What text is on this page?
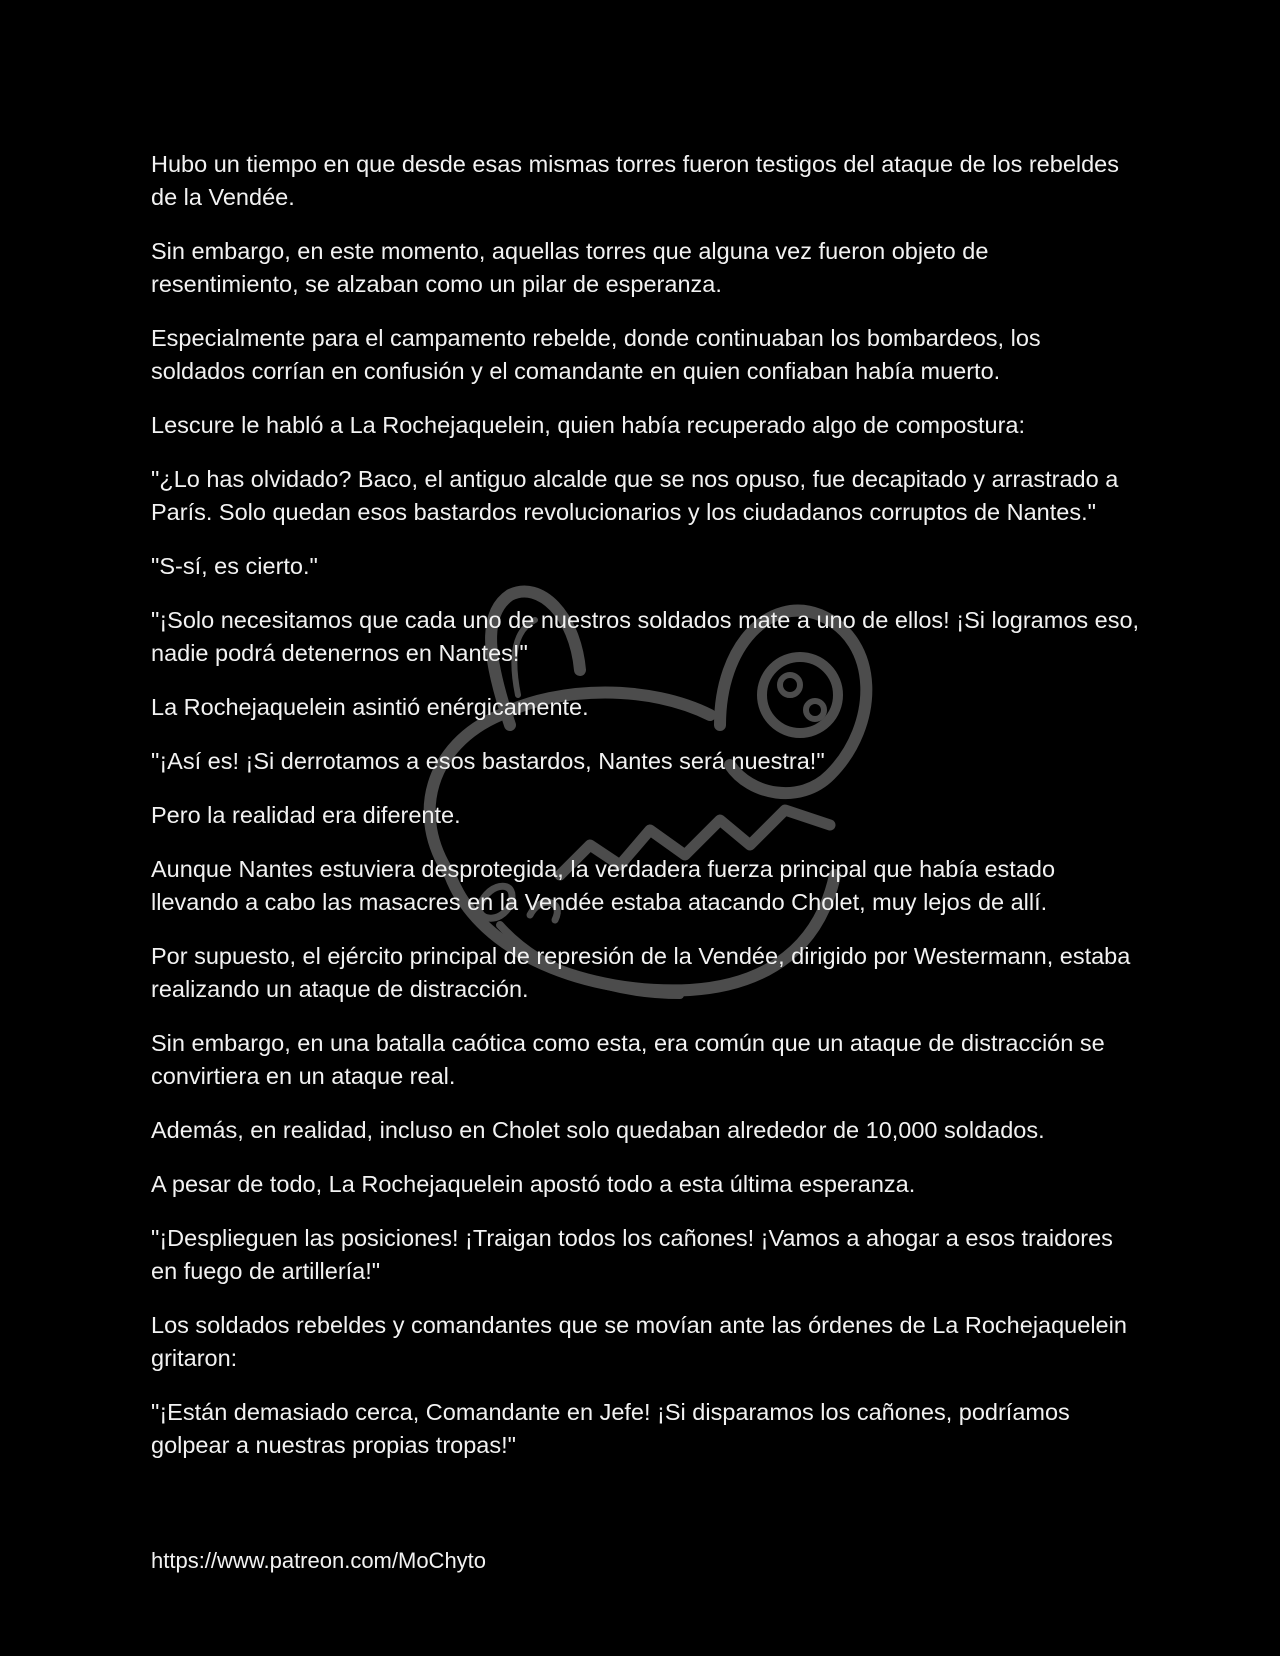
Hubo un tiempo en que desde esas mismas torres fueron testigos del ataque de los rebeldes de la Vendée.

Sin embargo, en este momento, aquellas torres que alguna vez fueron objeto de resentimiento, se alzaban como un pilar de esperanza.

Especialmente para el campamento rebelde, donde continuaban los bombardeos, los soldados corrían en confusión y el comandante en quien confiaban había muerto.

Lescure le habló a La Rochejaquelein, quien había recuperado algo de compostura:

"¿Lo has olvidado? Baco, el antiguo alcalde que se nos opuso, fue decapitado y arrastrado a París. Solo quedan esos bastardos revolucionarios y los ciudadanos corruptos de Nantes."

"S-sí, es cierto."

"¡Solo necesitamos que cada uno de nuestros soldados mate a uno de ellos! ¡Si logramos eso, nadie podrá detenernos en Nantes!"

La Rochejaquelein asintió enérgicamente.

"¡Así es! ¡Si derrotamos a esos bastardos, Nantes será nuestra!"

Pero la realidad era diferente.

Aunque Nantes estuviera desprotegida, la verdadera fuerza principal que había estado llevando a cabo las masacres en la Vendée estaba atacando Cholet, muy lejos de allí.

Por supuesto, el ejército principal de represión de la Vendée, dirigido por Westermann, estaba realizando un ataque de distracción.

Sin embargo, en una batalla caótica como esta, era común que un ataque de distracción se convirtiera en un ataque real.

Además, en realidad, incluso en Cholet solo quedaban alrededor de 10,000 soldados.

A pesar de todo, La Rochejaquelein apostó todo a esta última esperanza.

"¡Desplieguen las posiciones! ¡Traigan todos los cañones! ¡Vamos a ahogar a esos traidores en fuego de artillería!"

Los soldados rebeldes y comandantes que se movían ante las órdenes de La Rochejaquelein gritaron:

"¡Están demasiado cerca, Comandante en Jefe! ¡Si disparamos los cañones, podríamos golpear a nuestras propias tropas!"

https://www.patreon.com/MoChyto
